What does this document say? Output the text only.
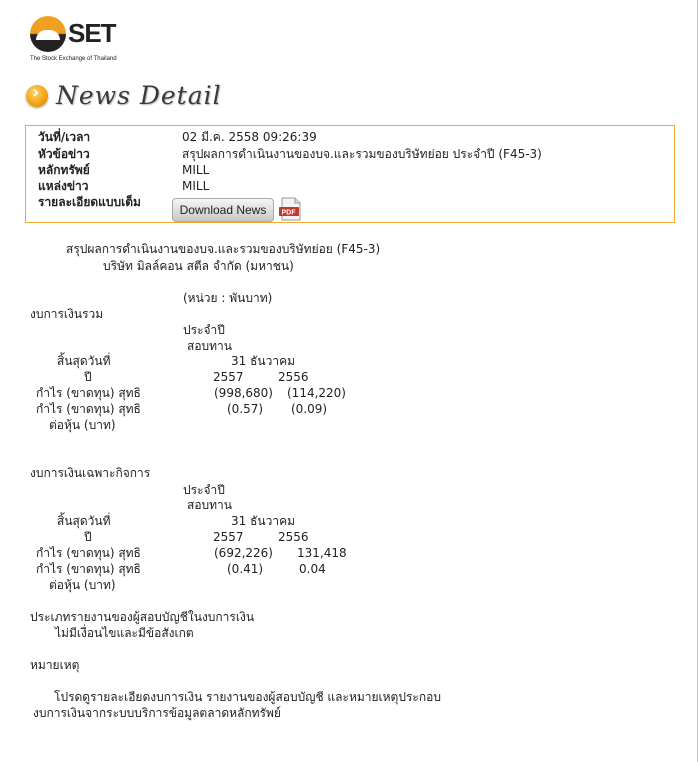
SET
The Stock Exchange of Thailand
›
News Detail
วันที่/เวลา	02 มี.ค. 2558 09:26:39
หัวข้อข่าว	สรุปผลการดำเนินงานของบจ.และรวมของบริษัทย่อย ประจำปี (F45-3)
หลักทรัพย์	MILL
แหล่งข่าว	MILL
รายละเอียดแบบเต็ม
Download News	PDF
สรุปผลการดำเนินงานของบจ.และรวมของบริษัทย่อย (F45-3)
บริษัท มิลล์คอน สตีล จำกัด (มหาชน)
(หน่วย : พันบาท)
งบการเงินรวม
ประจำปี
สอบทาน
สิ้นสุดวันที่	31 ธันวาคม
ปี	2557	2556
กำไร (ขาดทุน) สุทธิ	(998,680) (114,220)
กำไร (ขาดทุน) สุทธิ	(0.57) (0.09)
ต่อหุ้น (บาท)
งบการเงินเฉพาะกิจการ
ประจำปี
สอบทาน
สิ้นสุดวันที่	31 ธันวาคม
ปี	2557	2556
กำไร (ขาดทุน) สุทธิ	(692,226) 131,418
กำไร (ขาดทุน) สุทธิ	(0.41)	0.04
ต่อหุ้น (บาท)
ประเภทรายงานของผู้สอบบัญชีในงบการเงิน
ไม่มีเงื่อนไขและมีข้อสังเกต
หมายเหตุ
โปรดดูรายละเอียดงบการเงิน รายงานของผู้สอบบัญชี และหมายเหตุประกอบ
งบการเงินจากระบบบริการข้อมูลตลาดหลักทรัพย์
